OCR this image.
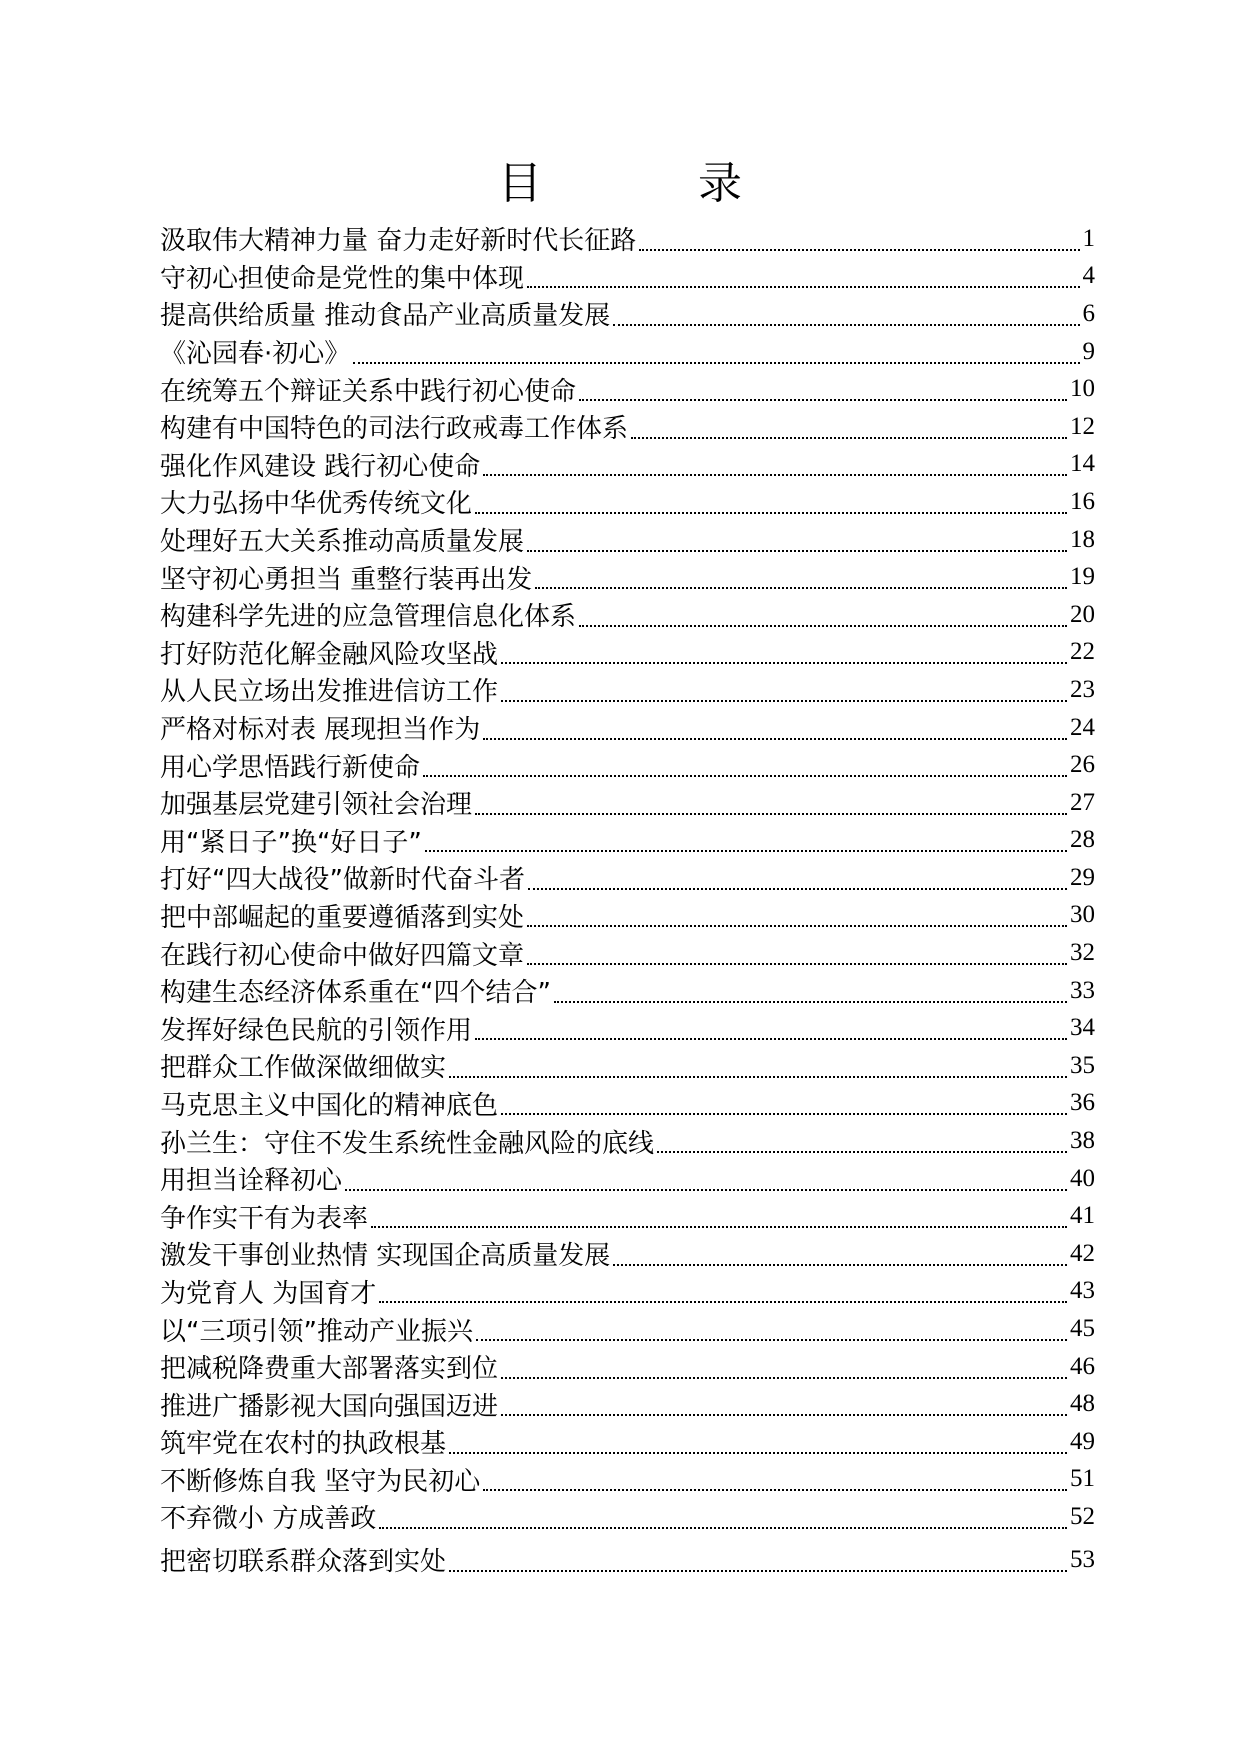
目　录
汲取伟大精神力量 奋力走好新时代长征路	1
守初心担使命是党性的集中体现	4
提高供给质量 推动食品产业高质量发展	6
《沁园春·初心》	9
在统筹五个辩证关系中践行初心使命	10
构建有中国特色的司法行政戒毒工作体系	12
强化作风建设 践行初心使命	14
大力弘扬中华优秀传统文化	16
处理好五大关系推动高质量发展	18
坚守初心勇担当 重整行装再出发	19
构建科学先进的应急管理信息化体系	20
打好防范化解金融风险攻坚战	22
从人民立场出发推进信访工作	23
严格对标对表 展现担当作为	24
用心学思悟践行新使命	26
加强基层党建引领社会治理	27
用“紧日子”换“好日子”	28
打好“四大战役”做新时代奋斗者	29
把中部崛起的重要遵循落到实处	30
在践行初心使命中做好四篇文章	32
构建生态经济体系重在“四个结合”	33
发挥好绿色民航的引领作用	34
把群众工作做深做细做实	35
马克思主义中国化的精神底色	36
孙兰生：守住不发生系统性金融风险的底线	38
用担当诠释初心	40
争作实干有为表率	41
激发干事创业热情 实现国企高质量发展	42
为党育人 为国育才	43
以“三项引领”推动产业振兴	45
把减税降费重大部署落实到位	46
推进广播影视大国向强国迈进	48
筑牢党在农村的执政根基	49
不断修炼自我 坚守为民初心	51
不弃微小 方成善政	52
把密切联系群众落到实处	53
